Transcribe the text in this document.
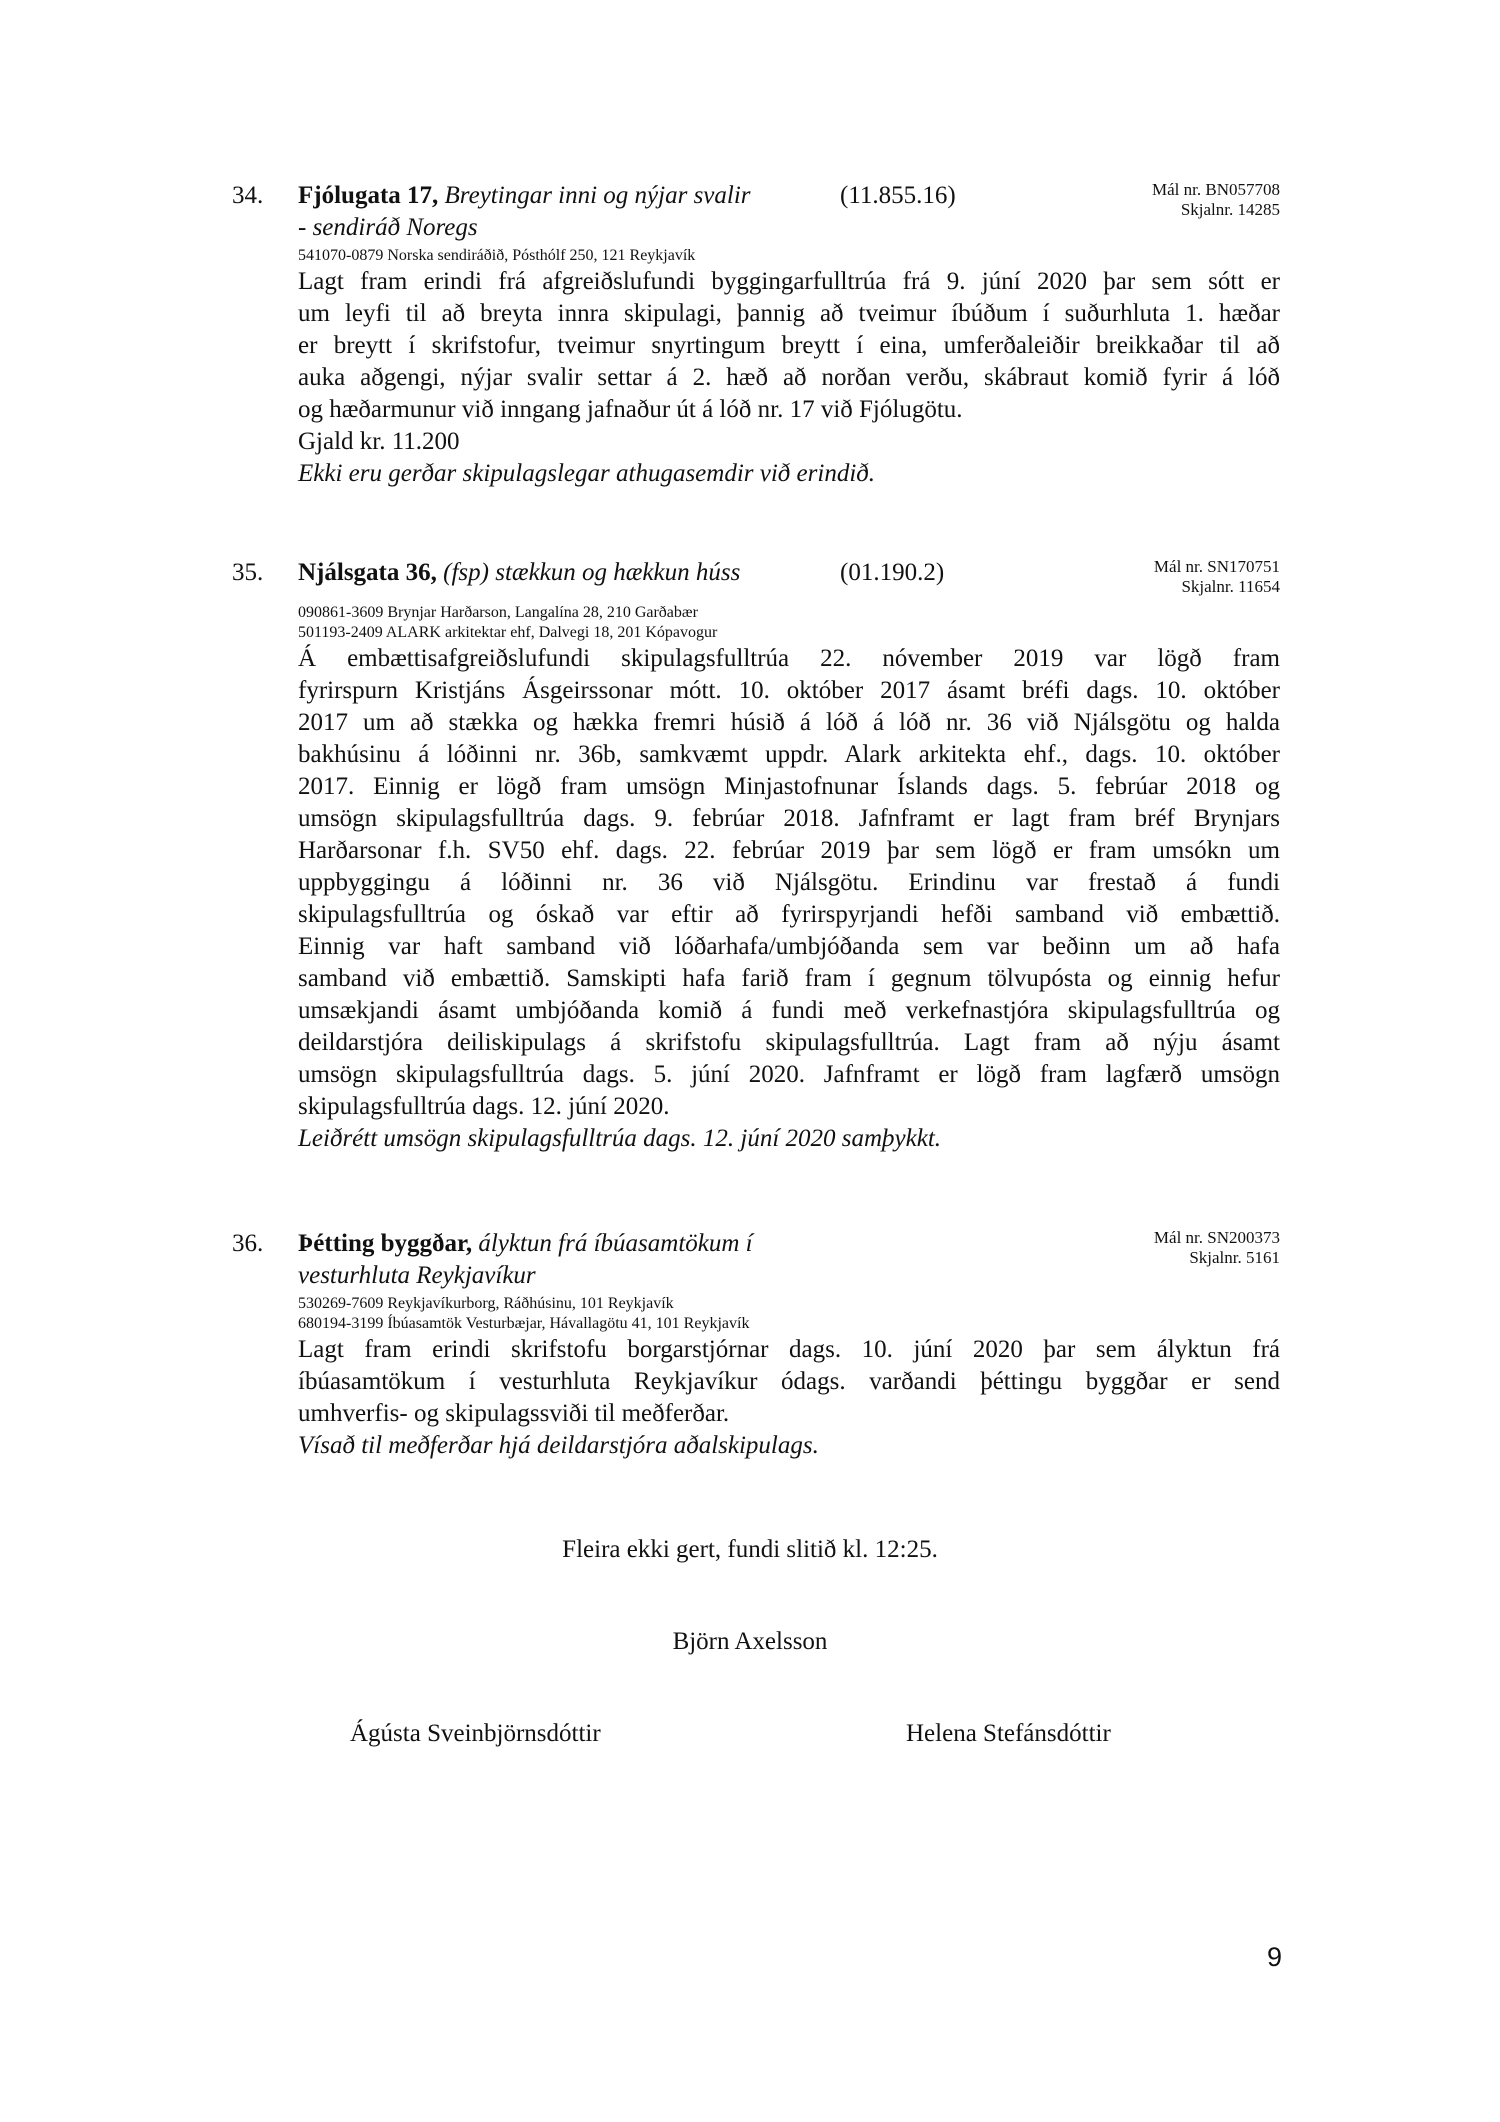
34. Fjólugata 17, Breytingar inni og nýjar svalir
- sendiráð Noregs
(11.855.16)	Mál nr. BN057708
Skjalnr. 14285
541070-0879 Norska sendiráðið, Pósthólf 250, 121 Reykjavík
Lagt fram erindi frá afgreiðslufundi byggingarfulltrúa frá 9. júní 2020 þar sem sótt er
um leyfi til að breyta innra skipulagi, þannig að tveimur íbúðum í suðurhluta 1. hæðar
er breytt í skrifstofur, tveimur snyrtingum breytt í eina, umferðaleiðir breikkaðar til að
auka aðgengi, nýjar svalir settar á 2. hæð að norðan verðu, skábraut komið fyrir á lóð
og hæðarmunur við inngang jafnaður út á lóð nr. 17 við Fjólugötu.
Gjald kr. 11.200
Ekki eru gerðar skipulagslegar athugasemdir við erindið.
35. Njálsgata 36, (fsp) stækkun og hækkun húss	(01.190.2)	Mál nr. SN170751
Skjalnr. 11654
090861-3609 Brynjar Harðarson, Langalína 28, 210 Garðabær
501193-2409 ALARK arkitektar ehf, Dalvegi 18, 201 Kópavogur
Á embættisafgreiðslufundi skipulagsfulltrúa 22. nóvember 2019 var lögð fram
fyrirspurn Kristjáns Ásgeirssonar mótt. 10. október 2017 ásamt bréfi dags. 10. október
2017 um að stækka og hækka fremri húsið á lóð á lóð nr. 36 við Njálsgötu og halda
bakhúsinu á lóðinni nr. 36b, samkvæmt uppdr. Alark arkitekta ehf., dags. 10. október
2017. Einnig er lögð fram umsögn Minjastofnunar Íslands dags. 5. febrúar 2018 og
umsögn skipulagsfulltrúa dags. 9. febrúar 2018. Jafnframt er lagt fram bréf Brynjars
Harðarsonar f.h. SV50 ehf. dags. 22. febrúar 2019 þar sem lögð er fram umsókn um
uppbyggingu á lóðinni nr. 36 við Njálsgötu. Erindinu var frestað á fundi
skipulagsfulltrúa og óskað var eftir að fyrirspyrjandi hefði samband við embættið.
Einnig var haft samband við lóðarhafa/umbjóðanda sem var beðinn um að hafa
samband við embættið. Samskipti hafa farið fram í gegnum tölvupósta og einnig hefur
umsækjandi ásamt umbjóðanda komið á fundi með verkefnastjóra skipulagsfulltrúa og
deildarstjóra deiliskipulags á skrifstofu skipulagsfulltrúa. Lagt fram að nýju ásamt
umsögn skipulagsfulltrúa dags. 5. júní 2020. Jafnframt er lögð fram lagfærð umsögn
skipulagsfulltrúa dags. 12. júní 2020.
Leiðrétt umsögn skipulagsfulltrúa dags. 12. júní 2020 samþykkt.
36. Þétting byggðar, ályktun frá íbúasamtökum í
vesturhluta Reykjavíkur
Mál nr. SN200373
Skjalnr. 5161
530269-7609 Reykjavíkurborg, Ráðhúsinu, 101 Reykjavík
680194-3199 Íbúasamtök Vesturbæjar, Hávallagötu 41, 101 Reykjavík
Lagt fram erindi skrifstofu borgarstjórnar dags. 10. júní 2020 þar sem ályktun frá
íbúasamtökum í vesturhluta Reykjavíkur ódags. varðandi þéttingu byggðar er send
umhverfis- og skipulagssviði til meðferðar.
Vísað til meðferðar hjá deildarstjóra aðalskipulags.
Fleira ekki gert, fundi slitið kl. 12:25.
Björn Axelsson
Ágústa Sveinbjörnsdóttir	Helena Stefánsdóttir
9
